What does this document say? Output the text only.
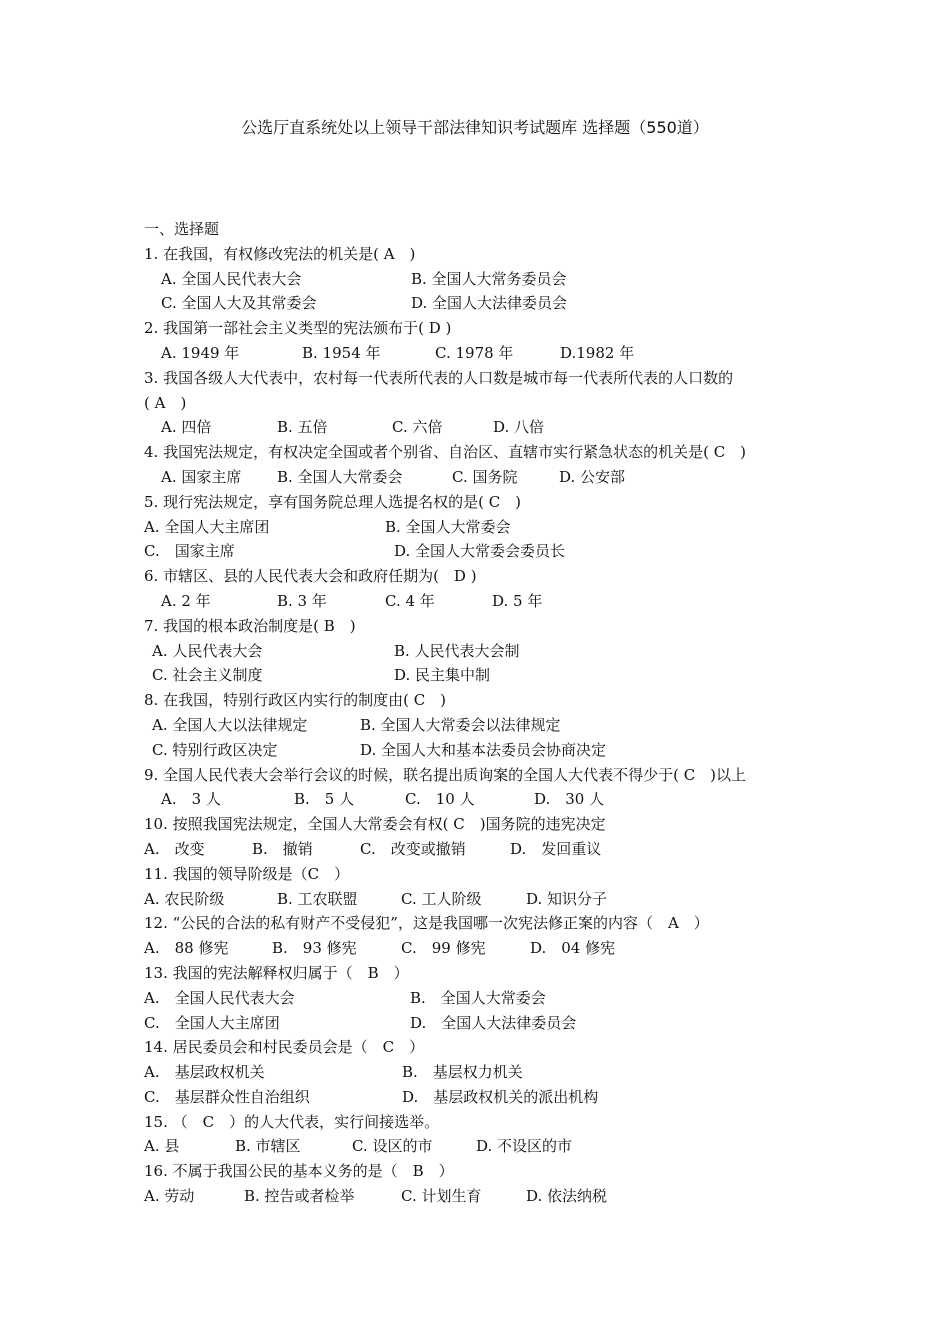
公选厅直系统处以上领导干部法律知识考试题库 选择题（550道）
一、选择题
1. 在我国，有权修改宪法的机关是( A　)
A. 全国人民代表大会	B. 全国人大常务委员会
C. 全国人大及其常委会	D. 全国人大法律委员会
2. 我国第一部社会主义类型的宪法颁布于( D )
A. 1949 年	B. 1954 年	C. 1978 年	D.1982 年
3. 我国各级人大代表中，农村每一代表所代表的人口数是城市每一代表所代表的人口数的
( A　)
A. 四倍	B. 五倍	C. 六倍	D. 八倍
4. 我国宪法规定，有权决定全国或者个别省、自治区、直辖市实行紧急状态的机关是( C　)
A. 国家主席 B. 全国人大常委会	C. 国务院	D. 公安部
5. 现行宪法规定，享有国务院总理人选提名权的是( C　)
A. 全国人大主席团	B. 全国人大常委会
C.　国家主席	D. 全国人大常委会委员长
6. 市辖区、县的人民代表大会和政府任期为(　D )
A. 2 年	B. 3 年	C. 4 年	D. 5 年
7. 我国的根本政治制度是( B　)
A. 人民代表大会	B. 人民代表大会制
C. 社会主义制度	D. 民主集中制
8. 在我国，特别行政区内实行的制度由( C　)
A. 全国人大以法律规定	B. 全国人大常委会以法律规定
C. 特别行政区决定	D. 全国人大和基本法委员会协商决定
9. 全国人民代表大会举行会议的时候，联名提出质询案的全国人大代表不得少于( C　)以上
A.　3 人	B.　5 人	C.　10 人	D.　30 人
10. 按照我国宪法规定，全国人大常委会有权( C　)国务院的违宪决定
A.　改变	B.　撤销	C.　改变或撤销	D.　发回重议
11. 我国的领导阶级是（C　）
A. 农民阶级	B. 工农联盟	C. 工人阶级	D. 知识分子
12. “公民的合法的私有财产不受侵犯”，这是我国哪一次宪法修正案的内容（　A　）
A.　88 修宪	B.　93 修宪	C.　99 修宪	D.　04 修宪
13. 我国的宪法解释权归属于（　B　）
A.　全国人民代表大会	B.　全国人大常委会
C.　全国人大主席团	D.　全国人大法律委员会
14. 居民委员会和村民委员会是（　C　）
A.　基层政权机关	B.　基层权力机关
C.　基层群众性自治组织	D.　基层政权机关的派出机构
15. （　C　）的人大代表，实行间接选举。
A. 县	B. 市辖区	C. 设区的市	D. 不设区的市
16. 不属于我国公民的基本义务的是（　B　）
A. 劳动	B. 控告或者检举	C. 计划生育	D. 依法纳税
